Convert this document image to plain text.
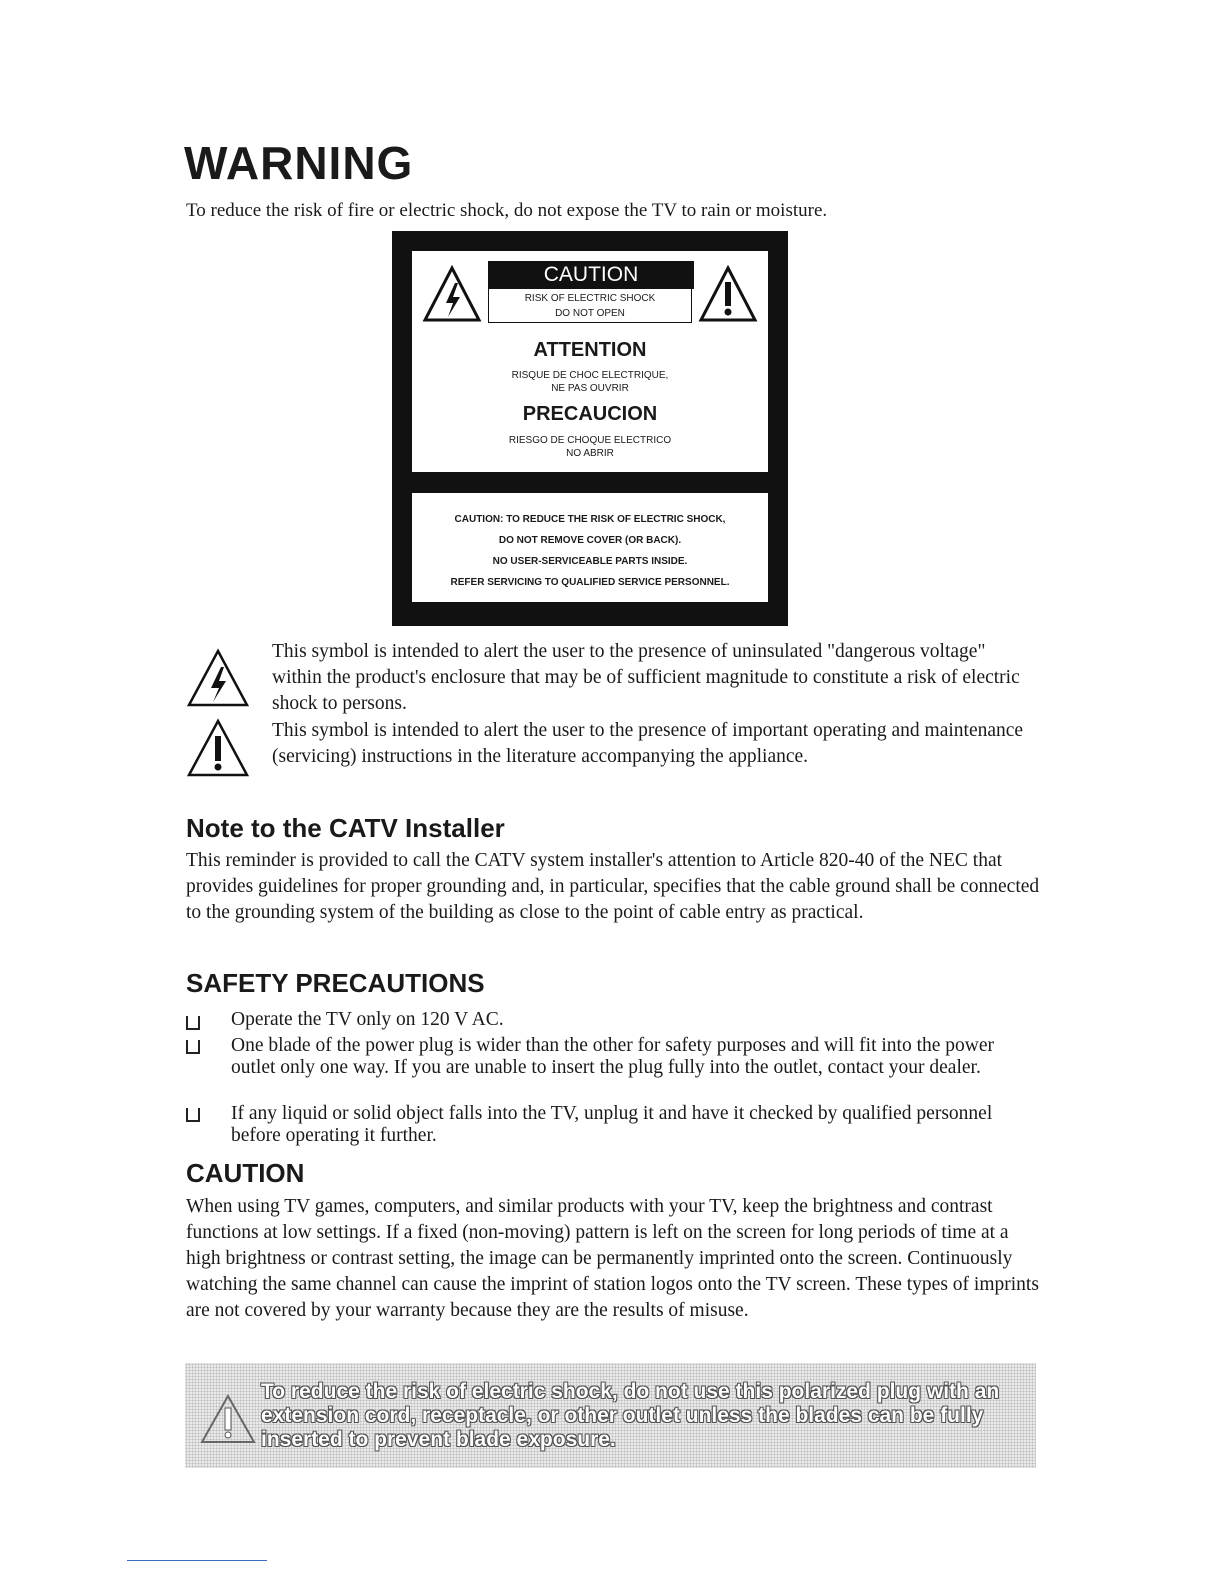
WARNING
To reduce the risk of fire or electric shock, do not expose the TV to rain or moisture.
CAUTION
RISK OF ELECTRIC SHOCK
DO NOT OPEN
ATTENTION
RISQUE DE CHOC ELECTRIQUE,
NE PAS OUVRIR
PRECAUCION
RIESGO DE CHOQUE ELECTRICO
NO ABRIR
CAUTION: TO REDUCE THE RISK OF ELECTRIC SHOCK,
DO NOT REMOVE COVER (OR BACK).
NO USER-SERVICEABLE PARTS INSIDE.
REFER SERVICING TO QUALIFIED SERVICE PERSONNEL.
This symbol is intended to alert the user to the presence of uninsulated "dangerous voltage" within the product's enclosure that may be of sufficient magnitude to constitute a risk of electric shock to persons.
This symbol is intended to alert the user to the presence of important operating and maintenance (servicing) instructions in the literature accompanying the appliance.
Note to the CATV Installer
This reminder is provided to call the CATV system installer's attention to Article 820-40 of the NEC that provides guidelines for proper grounding and, in particular, specifies that the cable ground shall be connected to the grounding system of the building as close to the point of cable entry as practical.
SAFETY PRECAUTIONS
Operate the TV only on 120 V AC.
One blade of the power plug is wider than the other for safety purposes and will fit into the power outlet only one way. If you are unable to insert the plug fully into the outlet, contact your dealer.
If any liquid or solid object falls into the TV, unplug it and have it checked by qualified personnel before operating it further.
CAUTION
When using TV games, computers, and similar products with your TV, keep the brightness and contrast functions at low settings. If a fixed (non-moving) pattern is left on the screen for long periods of time at a high brightness or contrast setting, the image can be permanently imprinted onto the screen. Continuously watching the same channel can cause the imprint of station logos onto the TV screen. These types of imprints are not covered by your warranty because they are the results of misuse.
To reduce the risk of electric shock, do not use this polarized plug with an extension cord, receptacle, or other outlet unless the blades can be fully inserted to prevent blade exposure.
